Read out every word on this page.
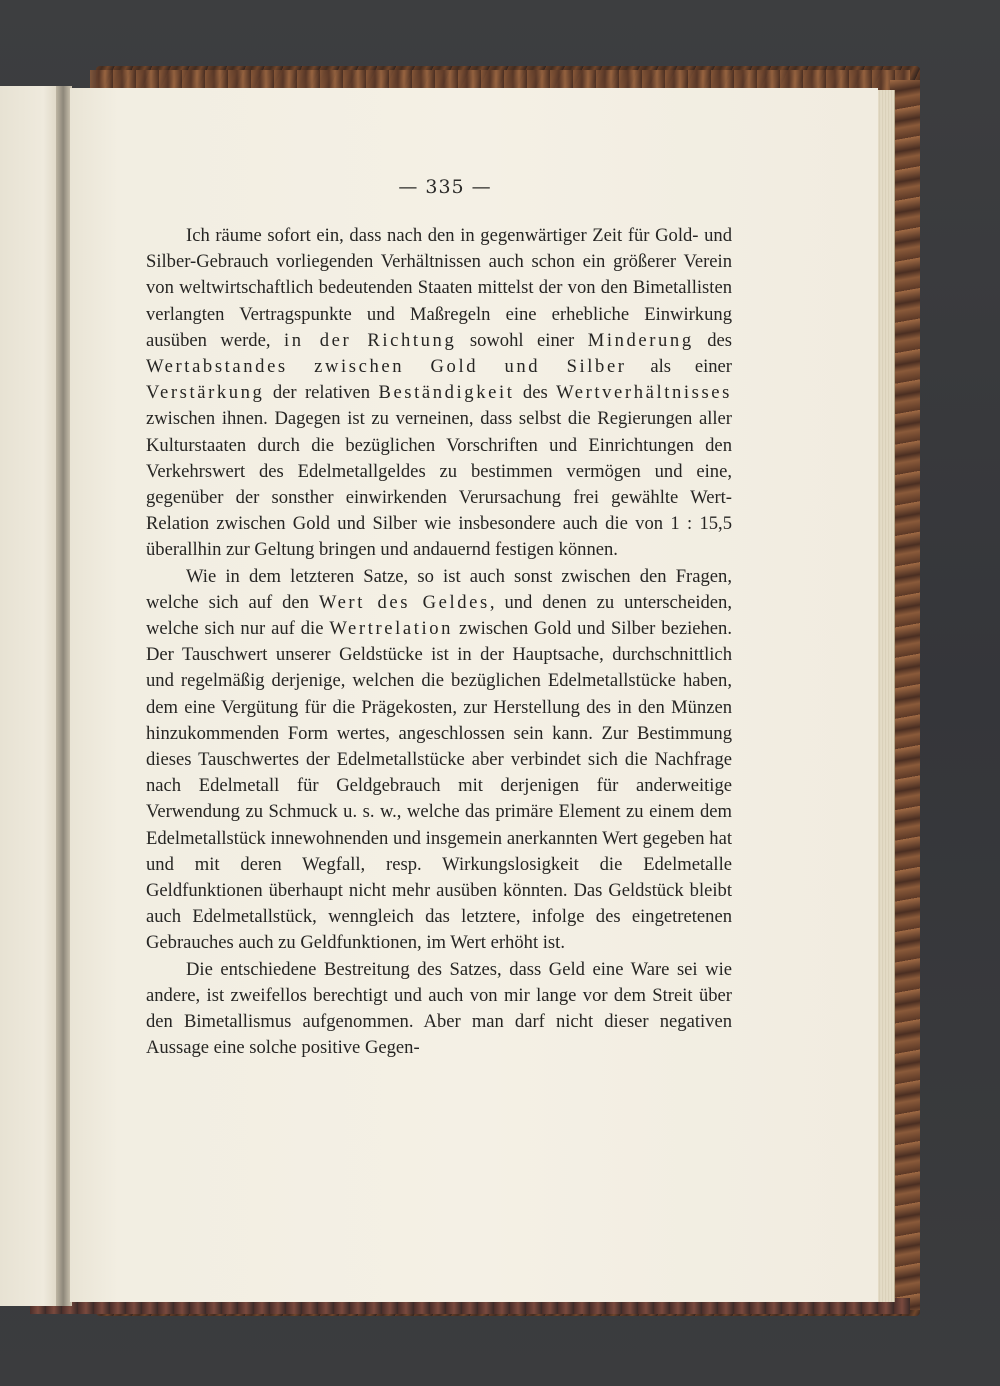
— 335 —

Ich räume sofort ein, dass nach den in gegenwärtiger Zeit für Gold- und Silber-Gebrauch vorliegenden Verhältnissen auch schon ein größerer Verein von weltwirtschaftlich bedeutenden Staaten mittelst der von den Bimetallisten verlangten Vertragspunkte und Maßregeln eine erhebliche Einwirkung ausüben werde, in der Richtung sowohl einer Minderung des Wertabstandes zwischen Gold und Silber als einer Verstärkung der relativen Beständigkeit des Wertverhältnisses zwischen ihnen. Dagegen ist zu verneinen, dass selbst die Regierungen aller Kulturstaaten durch die bezüglichen Vorschriften und Einrichtungen den Verkehrswert des Edelmetallgeldes zu bestimmen vermögen und eine, gegenüber der sonsther einwirkenden Verursachung frei gewählte Wert-Relation zwischen Gold und Silber wie insbesondere auch die von 1 : 15,5 überallhin zur Geltung bringen und andauernd festigen können.

Wie in dem letzteren Satze, so ist auch sonst zwischen den Fragen, welche sich auf den Wert des Geldes, und denen zu unterscheiden, welche sich nur auf die Wertrelation zwischen Gold und Silber beziehen. Der Tauschwert unserer Geldstücke ist in der Hauptsache, durchschnittlich und regelmäßig derjenige, welchen die bezüglichen Edelmetallstücke haben, dem eine Vergütung für die Prägekosten, zur Herstellung des in den Münzen hinzukommenden Form wertes, angeschlossen sein kann. Zur Bestimmung dieses Tauschwertes der Edelmetallstücke aber verbindet sich die Nachfrage nach Edelmetall für Geldgebrauch mit derjenigen für anderweitige Verwendung zu Schmuck u. s. w., welche das primäre Element zu einem dem Edelmetallstück innewohnenden und insgemein anerkannten Wert gegeben hat und mit deren Wegfall, resp. Wirkungslosigkeit die Edelmetalle Geldfunktionen überhaupt nicht mehr ausüben könnten. Das Geldstück bleibt auch Edelmetallstück, wenngleich das letztere, infolge des eingetretenen Gebrauches auch zu Geldfunktionen, im Wert erhöht ist.

Die entschiedene Bestreitung des Satzes, dass Geld eine Ware sei wie andere, ist zweifellos berechtigt und auch von mir lange vor dem Streit über den Bimetallismus aufgenommen. Aber man darf nicht dieser negativen Aussage eine solche positive Gegen-
